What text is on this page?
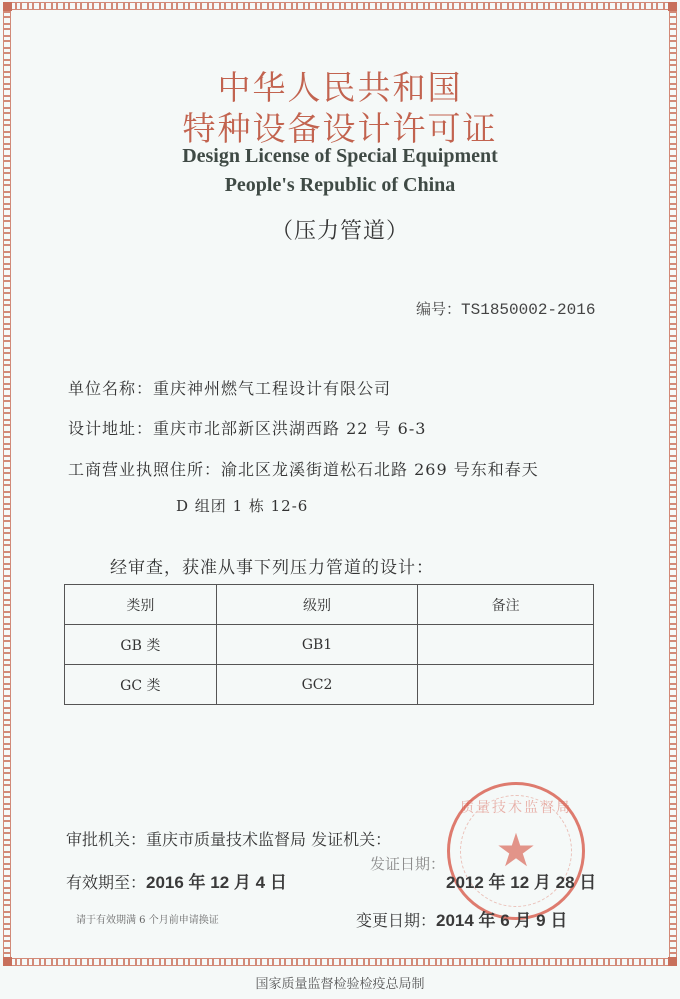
中华人民共和国
特种设备设计许可证
Design License of Special Equipment
People's Republic of China
（压力管道）
编号：TS1850002-2016
单位名称：重庆神州燃气工程设计有限公司
设计地址：重庆市北部新区洪湖西路 22 号 6-3
工商营业执照住所：渝北区龙溪街道松石北路 269 号东和春天
D 组团 1 栋 12-6
经审查，获准从事下列压力管道的设计：
类别	级别	备注
GB 类	GB1	
GC 类	GC2	
质量技术监督局
★
审批机关：重庆市质量技术监督局 发证机关：
有效期至：2016 年 12 月 4 日
发证日期：
2012 年 12 月 28 日
请于有效期满 6 个月前申请换证	变更日期：2014 年 6 月 9 日
国家质量监督检验检疫总局制
